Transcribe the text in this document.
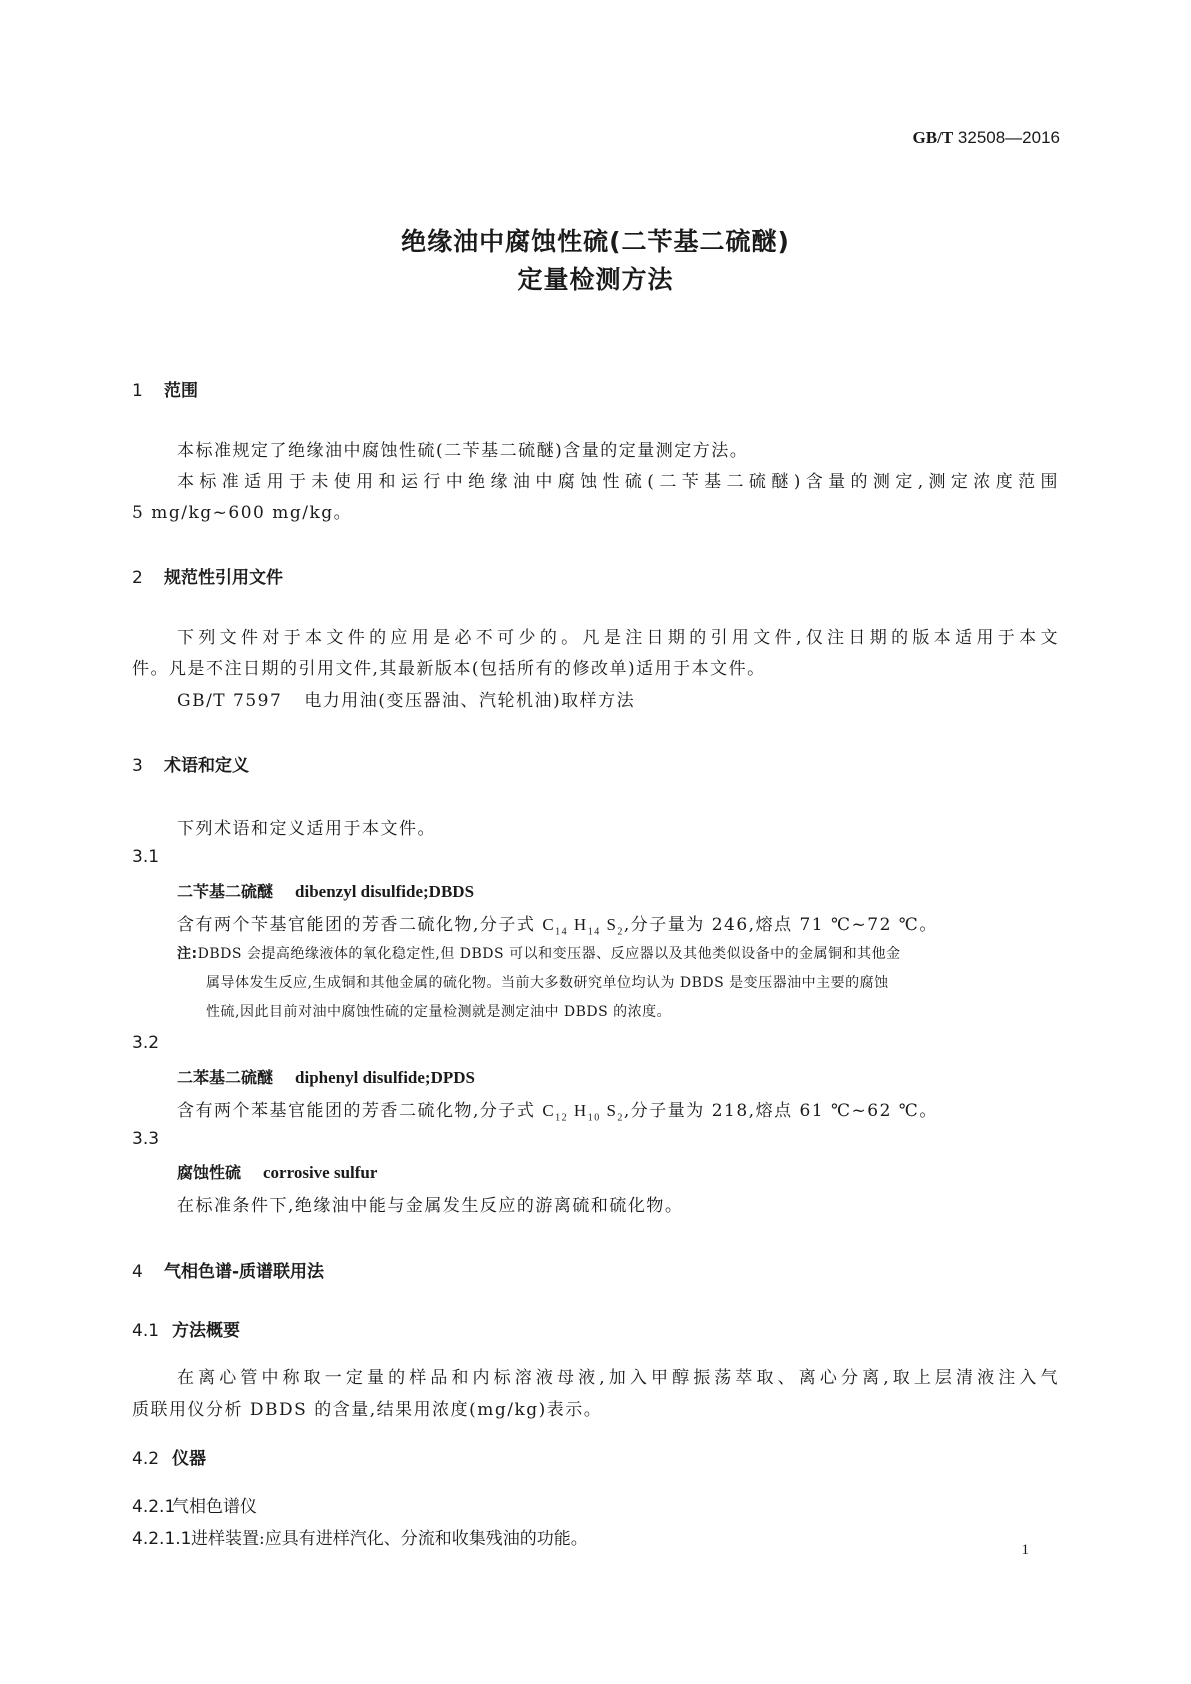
GB/T 32508—2016
绝缘油中腐蚀性硫(二苄基二硫醚)
定量检测方法
1 范围
本标准规定了绝缘油中腐蚀性硫(二苄基二硫醚)含量的定量测定方法。
本标准适用于未使用和运行中绝缘油中腐蚀性硫(二苄基二硫醚)含量的测定,测定浓度范围
5 mg/kg~600 mg/kg。
2 规范性引用文件
下列文件对于本文件的应用是必不可少的。凡是注日期的引用文件,仅注日期的版本适用于本文
件。凡是不注日期的引用文件,其最新版本(包括所有的修改单)适用于本文件。
GB/T 7597 电力用油(变压器油、汽轮机油)取样方法
3 术语和定义
下列术语和定义适用于本文件。
3.1
二苄基二硫醚 dibenzyl disulfide;DBDS
含有两个苄基官能团的芳香二硫化物,分子式 $C_{14}$ $H_{14}$ $S_2$,分子量为 246,熔点 71 ℃~72 ℃。
注:DBDS 会提高绝缘液体的氧化稳定性,但 DBDS 可以和变压器、反应器以及其他类似设备中的金属铜和其他金
属导体发生反应,生成铜和其他金属的硫化物。当前大多数研究单位均认为 DBDS 是变压器油中主要的腐蚀
性硫,因此目前对油中腐蚀性硫的定量检测就是测定油中 DBDS 的浓度。
3.2
二苯基二硫醚 diphenyl disulfide;DPDS
含有两个苯基官能团的芳香二硫化物,分子式 $C_{12}$ $H_{10}$ $S_2$,分子量为 218,熔点 61 ℃~62 ℃。
3.3
腐蚀性硫 corrosive sulfur
在标准条件下,绝缘油中能与金属发生反应的游离硫和硫化物。
4 气相色谱-质谱联用法
4.1 方法概要
在离心管中称取一定量的样品和内标溶液母液,加入甲醇振荡萃取、离心分离,取上层清液注入气
质联用仪分析 DBDS 的含量,结果用浓度(mg/kg)表示。
4.2 仪器
4.2.1气相色谱仪
4.2.1.1进样装置:应具有进样汽化、分流和收集残油的功能。
1
